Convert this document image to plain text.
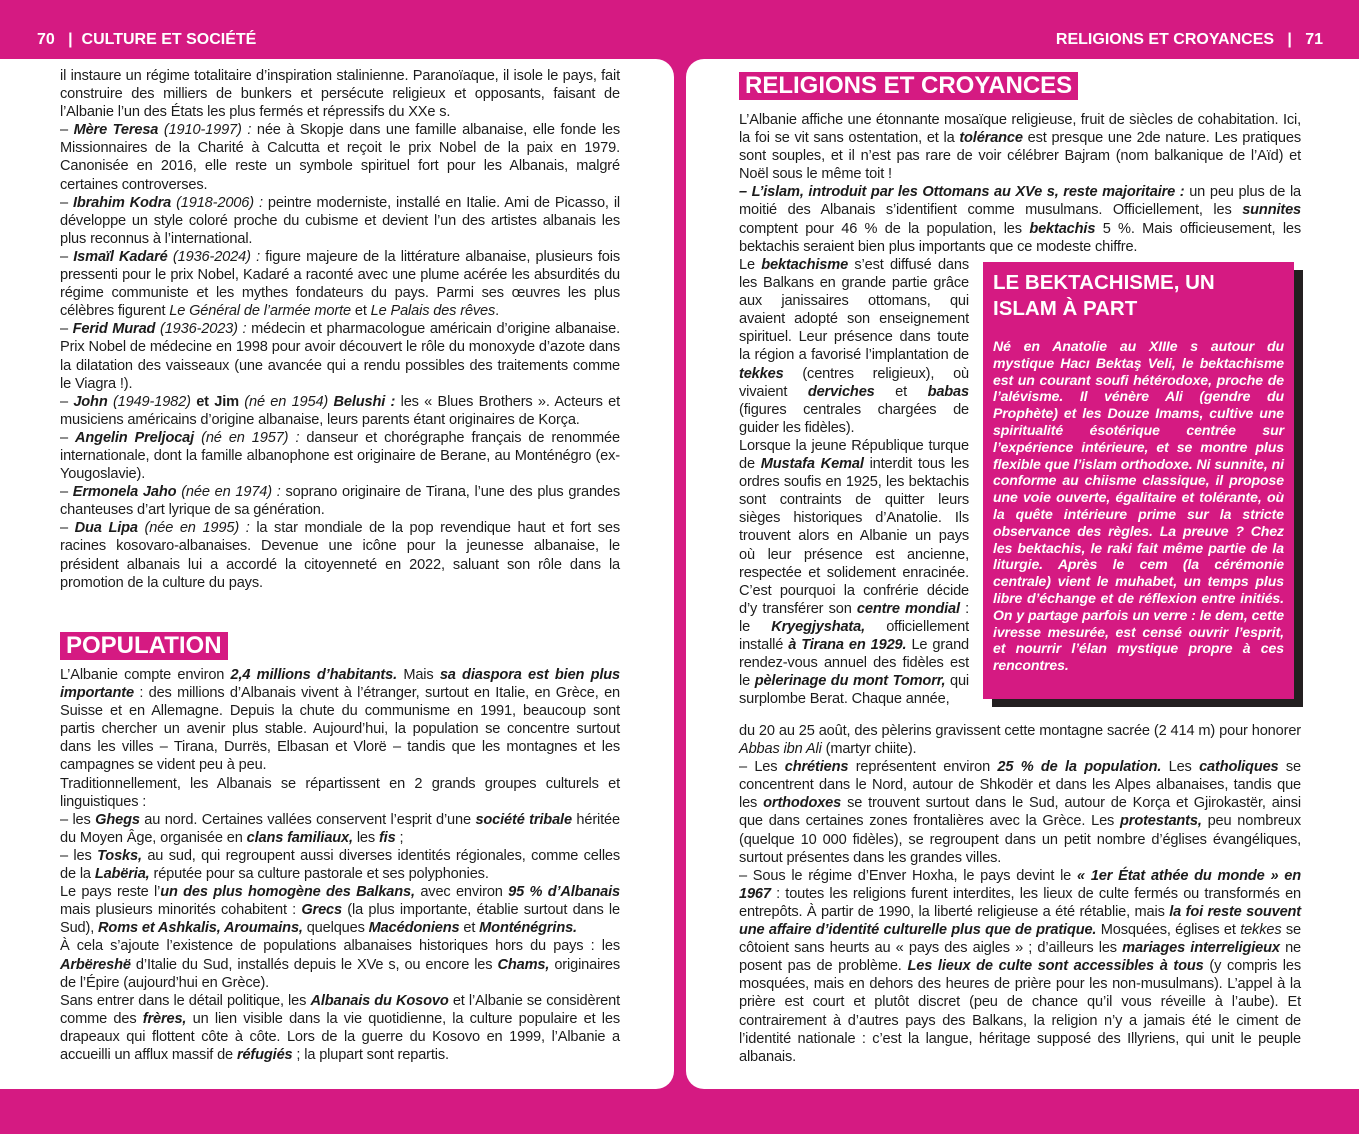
70 | CULTURE ET SOCIÉTÉ	RELIGIONS ET CROYANCES | 71

il instaure un régime totalitaire d’inspiration stalinienne. Paranoïaque, il isole le pays, fait construire des milliers de bunkers et persécute religieux et opposants, faisant de l’Albanie l’un des États les plus fermés et répressifs du XXe s.

– Mère Teresa (1910-1997) : née à Skopje dans une famille albanaise, elle fonde les Missionnaires de la Charité à Calcutta et reçoit le prix Nobel de la paix en 1979. Canonisée en 2016, elle reste un symbole spirituel fort pour les Albanais, malgré certaines controverses.

– Ibrahim Kodra (1918-2006) : peintre moderniste, installé en Italie. Ami de Picasso, il développe un style coloré proche du cubisme et devient l’un des artistes albanais les plus reconnus à l’international.

– Ismaïl Kadaré (1936-2024) : figure majeure de la littérature albanaise, plusieurs fois pressenti pour le prix Nobel, Kadaré a raconté avec une plume acérée les absurdités du régime communiste et les mythes fondateurs du pays. Parmi ses œuvres les plus célèbres figurent Le Général de l’armée morte et Le Palais des rêves.

– Ferid Murad (1936-2023) : médecin et pharmacologue américain d’origine albanaise. Prix Nobel de médecine en 1998 pour avoir découvert le rôle du monoxyde d’azote dans la dilatation des vaisseaux (une avancée qui a rendu possibles des traitements comme le Viagra !).

– John (1949-1982) et Jim (né en 1954) Belushi : les « Blues Brothers ». Acteurs et musiciens américains d’origine albanaise, leurs parents étant originaires de Korça.

– Angelin Preljocaj (né en 1957) : danseur et chorégraphe français de renommée internationale, dont la famille albanophone est originaire de Berane, au Monténégro (ex-Yougoslavie).

– Ermonela Jaho (née en 1974) : soprano originaire de Tirana, l’une des plus grandes chanteuses d’art lyrique de sa génération.

– Dua Lipa (née en 1995) : la star mondiale de la pop revendique haut et fort ses racines kosovaro-albanaises. Devenue une icône pour la jeunesse albanaise, le président albanais lui a accordé la citoyenneté en 2022, saluant son rôle dans la promotion de la culture du pays.

POPULATION

L’Albanie compte environ 2,4 millions d’habitants. Mais sa diaspora est bien plus importante : des millions d’Albanais vivent à l’étranger, surtout en Italie, en Grèce, en Suisse et en Allemagne. Depuis la chute du communisme en 1991, beaucoup sont partis chercher un avenir plus stable. Aujourd’hui, la population se concentre surtout dans les villes – Tirana, Durrës, Elbasan et Vlorë – tandis que les montagnes et les campagnes se vident peu à peu.

Traditionnellement, les Albanais se répartissent en 2 grands groupes culturels et linguistiques :

– les Ghegs au nord. Certaines vallées conservent l’esprit d’une société tribale héritée du Moyen Âge, organisée en clans familiaux, les fis ;

– les Tosks, au sud, qui regroupent aussi diverses identités régionales, comme celles de la Labëria, réputée pour sa culture pastorale et ses polyphonies.

Le pays reste l’un des plus homogène des Balkans, avec environ 95 % d’Albanais mais plusieurs minorités cohabitent : Grecs (la plus importante, établie surtout dans le Sud), Roms et Ashkalis, Aroumains, quelques Macédoniens et Monténégrins.

À cela s’ajoute l’existence de populations albanaises historiques hors du pays : les Arbëreshë d’Italie du Sud, installés depuis le XVe s, ou encore les Chams, originaires de l’Épire (aujourd’hui en Grèce).

Sans entrer dans le détail politique, les Albanais du Kosovo et l’Albanie se considèrent comme des frères, un lien visible dans la vie quotidienne, la culture populaire et les drapeaux qui flottent côte à côte. Lors de la guerre du Kosovo en 1999, l’Albanie a accueilli un afflux massif de réfugiés ; la plupart sont repartis.

RELIGIONS ET CROYANCES

L’Albanie affiche une étonnante mosaïque religieuse, fruit de siècles de cohabitation. Ici, la foi se vit sans ostentation, et la tolérance est presque une 2de nature. Les pratiques sont souples, et il n’est pas rare de voir célébrer Bajram (nom balkanique de l’Aïd) et Noël sous le même toit !

– L’islam, introduit par les Ottomans au XVe s, reste majoritaire : un peu plus de la moitié des Albanais s’identifient comme musulmans. Officiellement, les sunnites comptent pour 46 % de la population, les bektachis 5 %. Mais officieusement, les bektachis seraient bien plus importants que ce modeste chiffre.

Le bektachisme s’est diffusé dans les Balkans en grande partie grâce aux janissaires ottomans, qui avaient adopté son enseignement spirituel. Leur présence dans toute la région a favorisé l’implantation de tekkes (centres religieux), où vivaient derviches et babas (figures centrales chargées de guider les fidèles).

Lorsque la jeune République turque de Mustafa Kemal interdit tous les ordres soufis en 1925, les bektachis sont contraints de quitter leurs sièges historiques d’Anatolie. Ils trouvent alors en Albanie un pays où leur présence est ancienne, respectée et solidement enracinée. C’est pourquoi la confrérie décide d’y transférer son centre mondial : le Kryegjyshata, officiellement installé à Tirana en 1929. Le grand rendez-vous annuel des fidèles est le pèlerinage du mont Tomorr, qui surplombe Berat. Chaque année,

du 20 au 25 août, des pèlerins gravissent cette montagne sacrée (2 414 m) pour honorer Abbas ibn Ali (martyr chiite).

– Les chrétiens représentent environ 25 % de la population. Les catholiques se concentrent dans le Nord, autour de Shkodër et dans les Alpes albanaises, tandis que les orthodoxes se trouvent surtout dans le Sud, autour de Korça et Gjirokastër, ainsi que dans certaines zones frontalières avec la Grèce. Les protestants, peu nombreux (quelque 10 000 fidèles), se regroupent dans un petit nombre d’églises évangéliques, surtout présentes dans les grandes villes.

– Sous le régime d’Enver Hoxha, le pays devint le « 1er État athée du monde » en 1967 : toutes les religions furent interdites, les lieux de culte fermés ou transformés en entrepôts. À partir de 1990, la liberté religieuse a été rétablie, mais la foi reste souvent une affaire d’identité culturelle plus que de pratique. Mosquées, églises et tekkes se côtoient sans heurts au « pays des aigles » ; d’ailleurs les mariages interreligieux ne posent pas de problème. Les lieux de culte sont accessibles à tous (y compris les mosquées, mais en dehors des heures de prière pour les non-musulmans). L’appel à la prière est court et plutôt discret (peu de chance qu’il vous réveille à l’aube). Et contrairement à d’autres pays des Balkans, la religion n’y a jamais été le ciment de l’identité nationale : c’est la langue, héritage supposé des Illyriens, qui unit le peuple albanais.

LE BEKTACHISME, UN ISLAM À PART
Né en Anatolie au XIIIe s autour du mystique Hacı Bektaş Veli, le bektachisme est un courant soufi hétérodoxe, proche de l’alévisme. Il vénère Ali (gendre du Prophète) et les Douze Imams, cultive une spiritualité ésotérique centrée sur l’expérience intérieure, et se montre plus flexible que l’islam orthodoxe. Ni sunnite, ni conforme au chiisme classique, il propose une voie ouverte, égalitaire et tolérante, où la quête intérieure prime sur la stricte observance des règles. La preuve ? Chez les bektachis, le raki fait même partie de la liturgie. Après le cem (la cérémonie centrale) vient le muhabet, un temps plus libre d’échange et de réflexion entre initiés. On y partage parfois un verre : le dem, cette ivresse mesurée, est censé ouvrir l’esprit, et nourrir l’élan mystique propre à ces rencontres.
